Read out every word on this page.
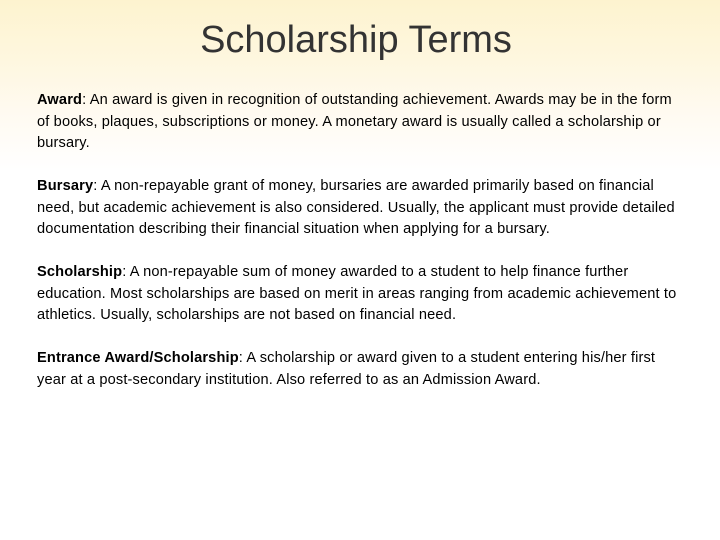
Scholarship Terms

Award: An award is given in recognition of outstanding achievement. Awards may be in the form of books, plaques, subscriptions or money. A monetary award is usually called a scholarship or bursary.

Bursary: A non-repayable grant of money, bursaries are awarded primarily based on financial need, but academic achievement is also considered. Usually, the applicant must provide detailed documentation describing their financial situation when applying for a bursary.

Scholarship: A non-repayable sum of money awarded to a student to help finance further education. Most scholarships are based on merit in areas ranging from academic achievement to athletics. Usually, scholarships are not based on financial need.

Entrance Award/Scholarship: A scholarship or award given to a student entering his/her first year at a post-secondary institution. Also referred to as an Admission Award.
